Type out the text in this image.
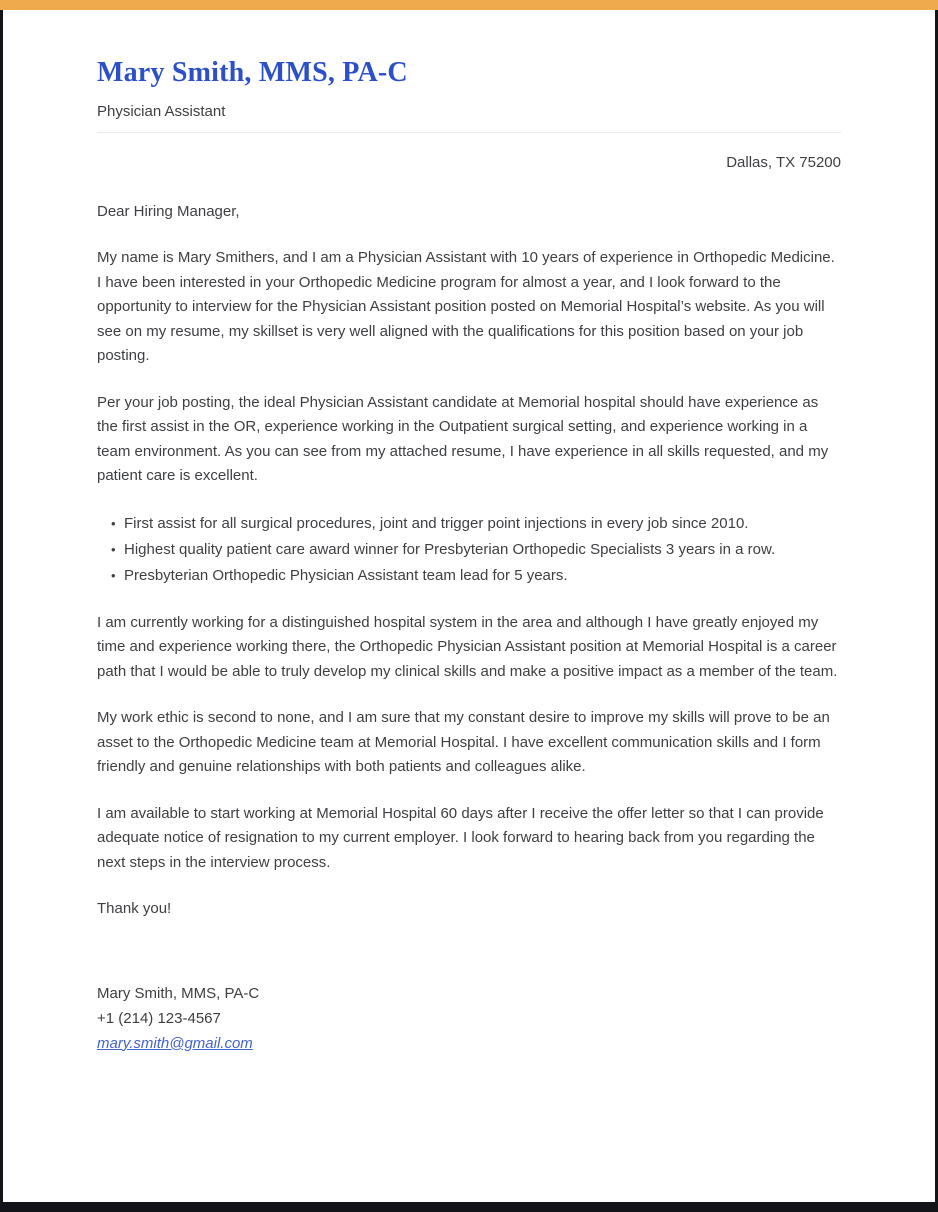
Mary Smith, MMS, PA-C
Physician Assistant
Dallas, TX 75200

Dear Hiring Manager,

My name is Mary Smithers, and I am a Physician Assistant with 10 years of experience in Orthopedic Medicine. I have been interested in your Orthopedic Medicine program for almost a year, and I look forward to the opportunity to interview for the Physician Assistant position posted on Memorial Hospital’s website. As you will see on my resume, my skillset is very well aligned with the qualifications for this position based on your job posting.

Per your job posting, the ideal Physician Assistant candidate at Memorial hospital should have experience as the first assist in the OR, experience working in the Outpatient surgical setting, and experience working in a team environment. As you can see from my attached resume, I have experience in all skills requested, and my patient care is excellent.

• First assist for all surgical procedures, joint and trigger point injections in every job since 2010.
• Highest quality patient care award winner for Presbyterian Orthopedic Specialists 3 years in a row.
• Presbyterian Orthopedic Physician Assistant team lead for 5 years.

I am currently working for a distinguished hospital system in the area and although I have greatly enjoyed my time and experience working there, the Orthopedic Physician Assistant position at Memorial Hospital is a career path that I would be able to truly develop my clinical skills and make a positive impact as a member of the team.

My work ethic is second to none, and I am sure that my constant desire to improve my skills will prove to be an asset to the Orthopedic Medicine team at Memorial Hospital. I have excellent communication skills and I form friendly and genuine relationships with both patients and colleagues alike.

I am available to start working at Memorial Hospital 60 days after I receive the offer letter so that I can provide adequate notice of resignation to my current employer. I look forward to hearing back from you regarding the next steps in the interview process.

Thank you!

Mary Smith, MMS, PA-C
+1 (214) 123-4567
mary.smith@gmail.com
